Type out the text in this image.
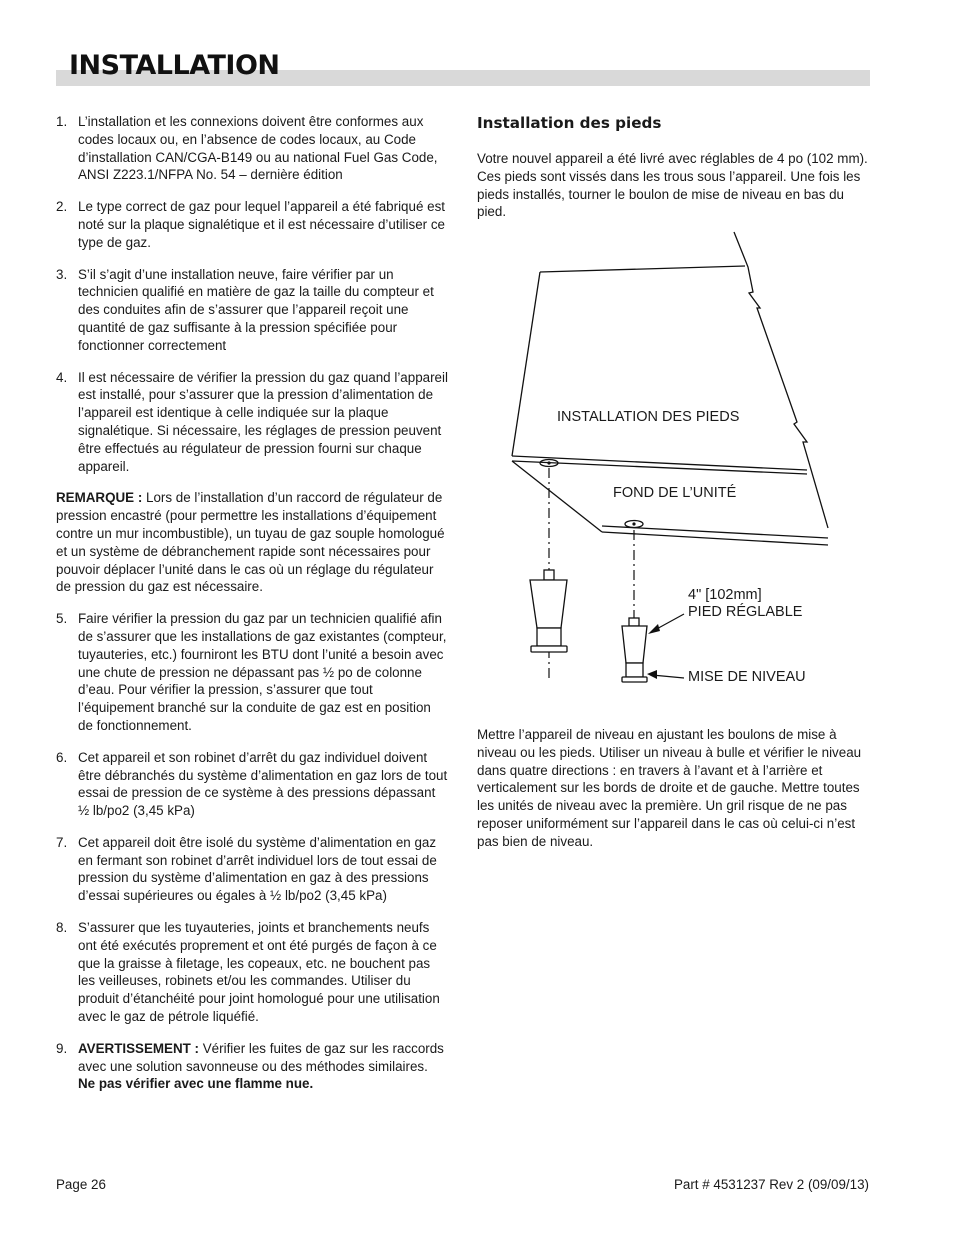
INSTALLATION
1. L’installation et les connexions doivent être conformes aux codes locaux ou, en l’absence de codes locaux, au Code d’installation CAN/CGA-B149 ou au national Fuel Gas Code, ANSI Z223.1/NFPA No. 54 – dernière édition
2. Le type correct de gaz pour lequel l’appareil a été fabriqué est noté sur la plaque signalétique et il est nécessaire d’utiliser ce type de gaz.
3. S’il s’agit d’une installation neuve, faire vérifier par un technicien qualifié en matière de gaz la taille du compteur et des conduites afin de s’assurer que l’appareil reçoit une quantité de gaz suffisante à la pression spécifiée pour fonctionner correctement
4. Il est nécessaire de vérifier la pression du gaz quand l’appareil est installé, pour s’assurer que la pression d’alimentation de l’appareil est identique à celle indiquée sur la plaque signalétique. Si nécessaire, les réglages de pression peuvent être effectués au régulateur de pression fourni sur chaque appareil.

REMARQUE : Lors de l’installation d’un raccord de régulateur de pression encastré (pour permettre les installations d’équipement contre un mur incombustible), un tuyau de gaz souple homologué et un système de débranchement rapide sont nécessaires pour pouvoir déplacer l’unité dans le cas où un réglage du régulateur de pression du gaz est nécessaire.

5. Faire vérifier la pression du gaz par un technicien qualifié afin de s’assurer que les installations de gaz existantes (compteur, tuyauteries, etc.) fourniront les BTU dont l’unité a besoin avec une chute de pression ne dépassant pas ½ po de colonne d’eau. Pour vérifier la pression, s’assurer que tout l’équipement branché sur la conduite de gaz est en position de fonctionnement.
6. Cet appareil et son robinet d’arrêt du gaz individuel doivent être débranchés du système d’alimentation en gaz lors de tout essai de pression de ce système à des pressions dépassant ½ lb/po2 (3,45 kPa)
7. Cet appareil doit être isolé du système d’alimentation en gaz en fermant son robinet d’arrêt individuel lors de tout essai de pression du système d’alimentation en gaz à des pressions d’essai supérieures ou égales à ½ lb/po2 (3,45 kPa)
8. S’assurer que les tuyauteries, joints et branchements neufs ont été exécutés proprement et ont été purgés de façon à ce que la graisse à filetage, les copeaux, etc. ne bouchent pas les veilleuses, robinets et/ou les commandes. Utiliser du produit d’étanchéité pour joint homologué pour une utilisation avec le gaz de pétrole liquéfié.
9. AVERTISSEMENT : Vérifier les fuites de gaz sur les raccords avec une solution savonneuse ou des méthodes similaires.
Ne pas vérifier avec une flamme nue.
Installation des pieds

Votre nouvel appareil a été livré avec réglables de 4 po (102 mm). Ces pieds sont vissés dans les trous sous l’appareil. Une fois les pieds installés, tourner le boulon de mise de niveau en bas du pied.

INSTALLATION DES PIEDS
FOND DE L’UNITÉ
4" [102mm]
PIED RÉGLABLE
MISE DE NIVEAU

Mettre l’appareil de niveau en ajustant les boulons de mise à niveau ou les pieds. Utiliser un niveau à bulle et vérifier le niveau dans quatre directions : en travers à l’avant et à l’arrière et verticalement sur les bords de droite et de gauche. Mettre toutes les unités de niveau avec la première. Un gril risque de ne pas reposer uniformément sur l’appareil dans le cas où celui-ci n’est pas bien de niveau.

Page 26	Part # 4531237 Rev 2 (09/09/13)
